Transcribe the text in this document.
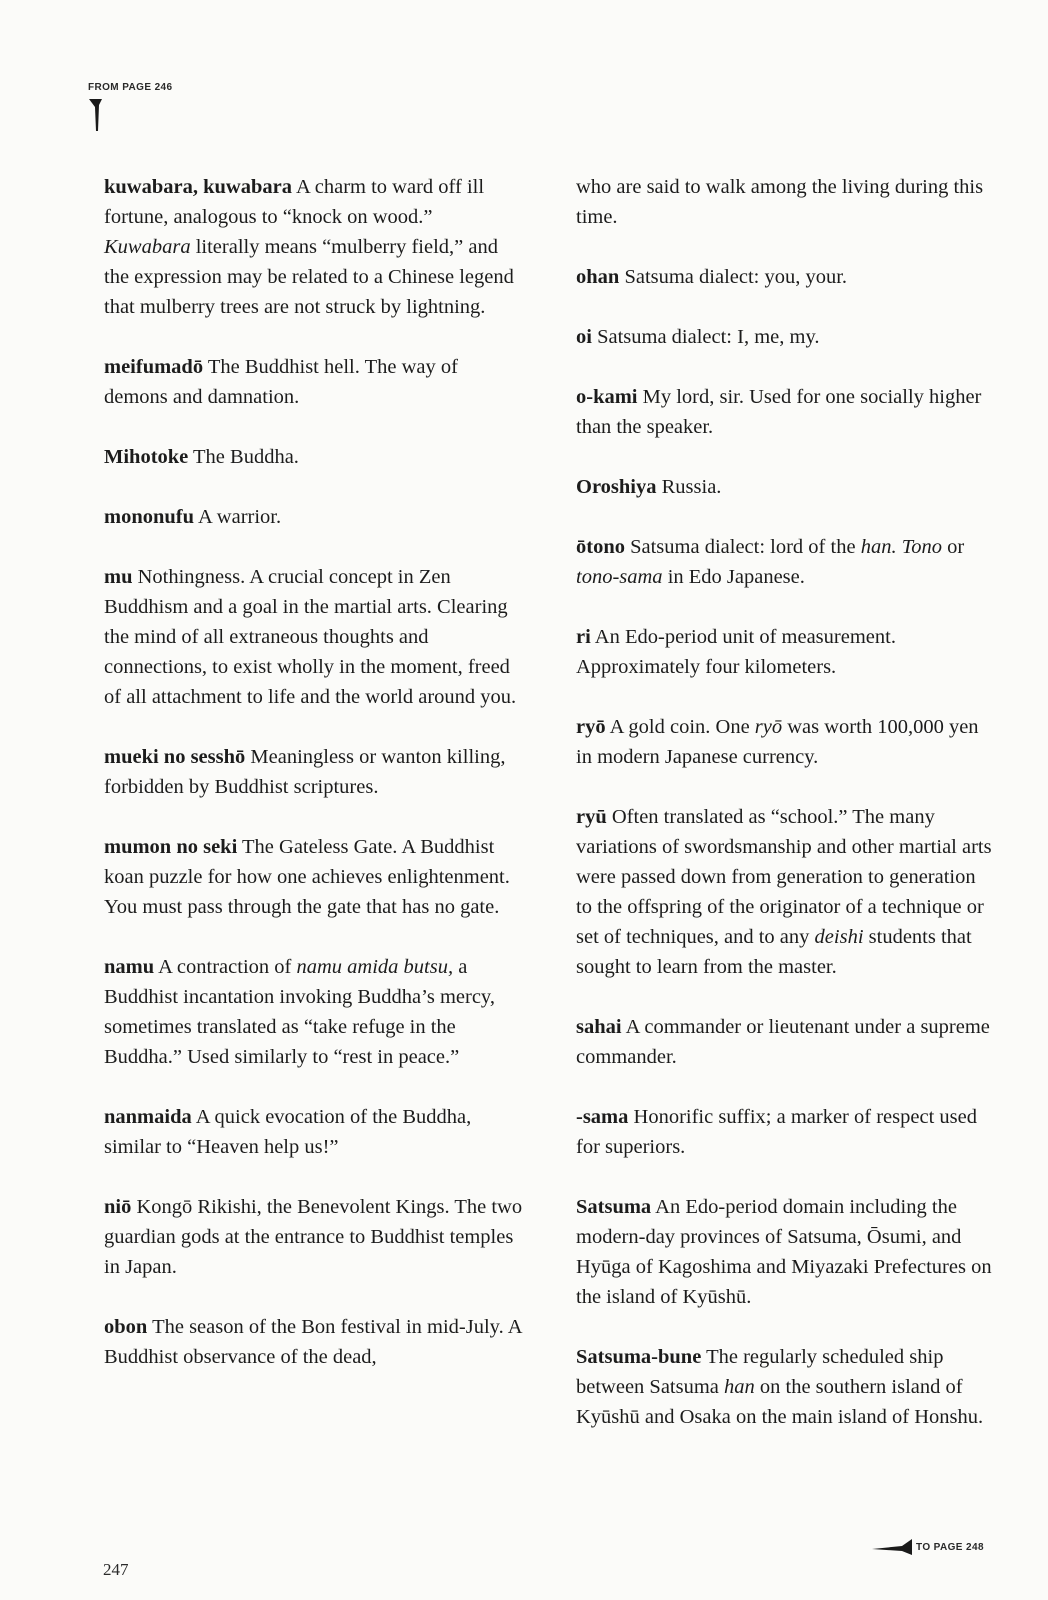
FROM PAGE 246

kuwabara, kuwabara A charm to ward off ill fortune, analogous to “knock on wood.” Kuwabara literally means “mulberry field,” and the expression may be related to a Chinese legend that mulberry trees are not struck by lightning.

meifumadō The Buddhist hell. The way of demons and damnation.

Mihotoke The Buddha.

mononufu A warrior.

mu Nothingness. A crucial concept in Zen Buddhism and a goal in the martial arts. Clearing the mind of all extraneous thoughts and connections, to exist wholly in the moment, freed of all attachment to life and the world around you.

mueki no sesshō Meaningless or wanton killing, forbidden by Buddhist scriptures.

mumon no seki The Gateless Gate. A Buddhist koan puzzle for how one achieves enlightenment. You must pass through the gate that has no gate.

namu A contraction of namu amida butsu, a Buddhist incantation invoking Buddha’s mercy, sometimes translated as “take refuge in the Buddha.” Used similarly to “rest in peace.”

nanmaida A quick evocation of the Buddha, similar to “Heaven help us!”

niō Kongō Rikishi, the Benevolent Kings. The two guardian gods at the entrance to Buddhist temples in Japan.

obon The season of the Bon festival in mid-July. A Buddhist observance of the dead,

who are said to walk among the living during this time.

ohan Satsuma dialect: you, your.

oi Satsuma dialect: I, me, my.

o-kami My lord, sir. Used for one socially higher than the speaker.

Oroshiya Russia.

ōtono Satsuma dialect: lord of the han. Tono or tono-sama in Edo Japanese.

ri An Edo-period unit of measurement. Approximately four kilometers.

ryō A gold coin. One ryō was worth 100,000 yen in modern Japanese currency.

ryū Often translated as “school.” The many variations of swordsmanship and other martial arts were passed down from generation to generation to the offspring of the originator of a technique or set of techniques, and to any deishi students that sought to learn from the master.

sahai A commander or lieutenant under a supreme commander.

-sama Honorific suffix; a marker of respect used for superiors.

Satsuma An Edo-period domain including the modern-day provinces of Satsuma, Ōsumi, and Hyūga of Kagoshima and Miyazaki Prefectures on the island of Kyūshū.

Satsuma-bune The regularly scheduled ship between Satsuma han on the southern island of Kyūshū and Osaka on the main island of Honshu.

247
TO PAGE 248
